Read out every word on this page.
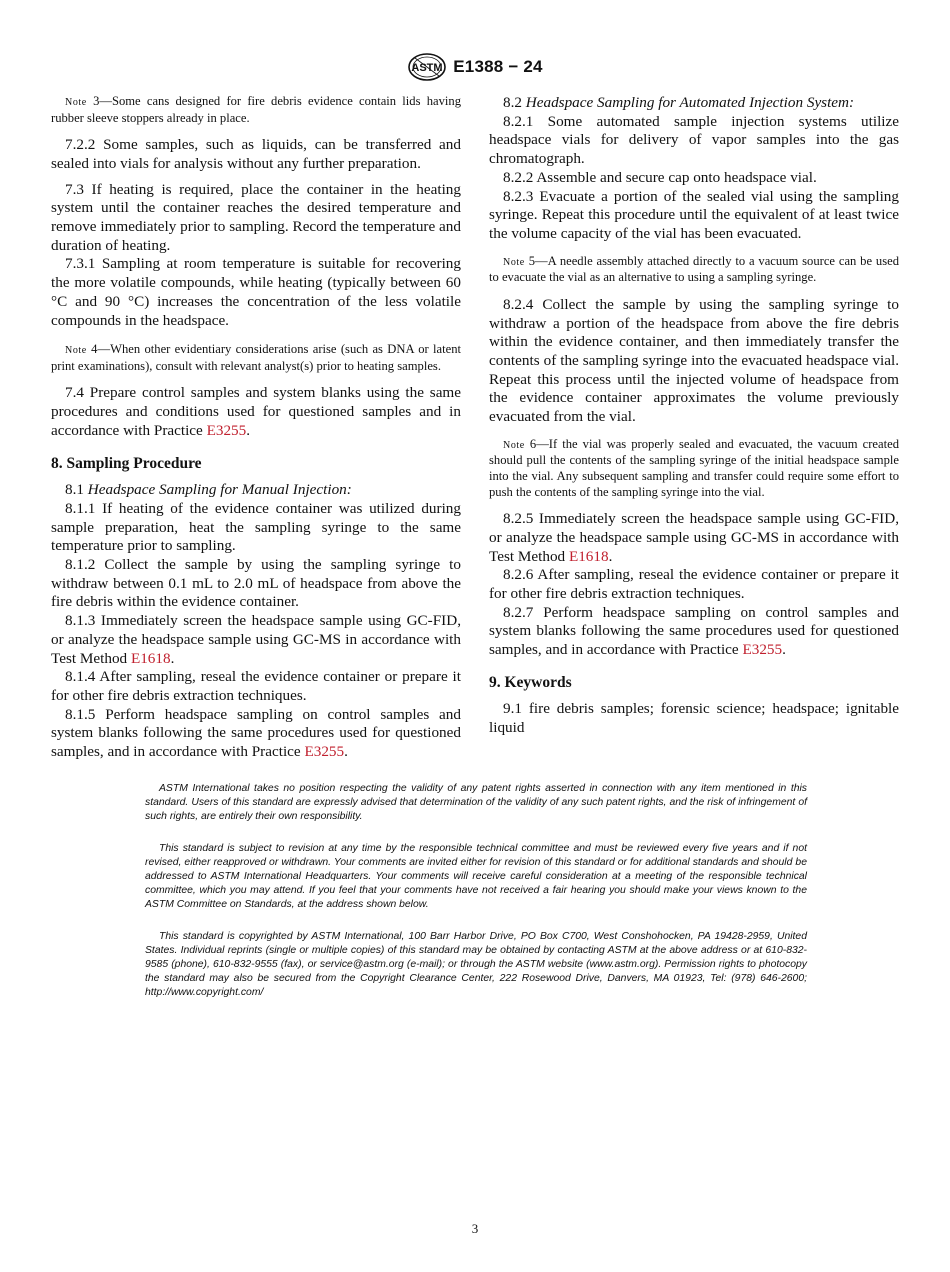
ASTM E1388 − 24
Note 3—Some cans designed for fire debris evidence contain lids having rubber sleeve stoppers already in place.

7.2.2 Some samples, such as liquids, can be transferred and sealed into vials for analysis without any further preparation.

7.3 If heating is required, place the container in the heating system until the container reaches the desired temperature and remove immediately prior to sampling. Record the temperature and duration of heating.

7.3.1 Sampling at room temperature is suitable for recovering the more volatile compounds, while heating (typically between 60 °C and 90 °C) increases the concentration of the less volatile compounds in the headspace.

Note 4—When other evidentiary considerations arise (such as DNA or latent print examinations), consult with relevant analyst(s) prior to heating samples.

7.4 Prepare control samples and system blanks using the same procedures and conditions used for questioned samples and in accordance with Practice E3255.

8. Sampling Procedure

8.1 Headspace Sampling for Manual Injection:

8.1.1 If heating of the evidence container was utilized during sample preparation, heat the sampling syringe to the same temperature prior to sampling.

8.1.2 Collect the sample by using the sampling syringe to withdraw between 0.1 mL to 2.0 mL of headspace from above the fire debris within the evidence container.

8.1.3 Immediately screen the headspace sample using GC-FID, or analyze the headspace sample using GC-MS in accordance with Test Method E1618.

8.1.4 After sampling, reseal the evidence container or prepare it for other fire debris extraction techniques.

8.1.5 Perform headspace sampling on control samples and system blanks following the same procedures used for questioned samples, and in accordance with Practice E3255.

8.2 Headspace Sampling for Automated Injection System:

8.2.1 Some automated sample injection systems utilize headspace vials for delivery of vapor samples into the gas chromatograph.

8.2.2 Assemble and secure cap onto headspace vial.

8.2.3 Evacuate a portion of the sealed vial using the sampling syringe. Repeat this procedure until the equivalent of at least twice the volume capacity of the vial has been evacuated.

Note 5—A needle assembly attached directly to a vacuum source can be used to evacuate the vial as an alternative to using a sampling syringe.

8.2.4 Collect the sample by using the sampling syringe to withdraw a portion of the headspace from above the fire debris within the evidence container, and then immediately transfer the contents of the sampling syringe into the evacuated headspace vial. Repeat this process until the injected volume of headspace from the evidence container approximates the volume previously evacuated from the vial.

Note 6—If the vial was properly sealed and evacuated, the vacuum created should pull the contents of the sampling syringe of the initial headspace sample into the vial. Any subsequent sampling and transfer could require some effort to push the contents of the sampling syringe into the vial.

8.2.5 Immediately screen the headspace sample using GC-FID, or analyze the headspace sample using GC-MS in accordance with Test Method E1618.

8.2.6 After sampling, reseal the evidence container or prepare it for other fire debris extraction techniques.

8.2.7 Perform headspace sampling on control samples and system blanks following the same procedures used for questioned samples, and in accordance with Practice E3255.

9. Keywords

9.1 fire debris samples; forensic science; headspace; ignitable liquid

ASTM International takes no position respecting the validity of any patent rights asserted in connection with any item mentioned in this standard. Users of this standard are expressly advised that determination of the validity of any such patent rights, and the risk of infringement of such rights, are entirely their own responsibility.

This standard is subject to revision at any time by the responsible technical committee and must be reviewed every five years and if not revised, either reapproved or withdrawn. Your comments are invited either for revision of this standard or for additional standards and should be addressed to ASTM International Headquarters. Your comments will receive careful consideration at a meeting of the responsible technical committee, which you may attend. If you feel that your comments have not received a fair hearing you should make your views known to the ASTM Committee on Standards, at the address shown below.

This standard is copyrighted by ASTM International, 100 Barr Harbor Drive, PO Box C700, West Conshohocken, PA 19428-2959, United States. Individual reprints (single or multiple copies) of this standard may be obtained by contacting ASTM at the above address or at 610-832-9585 (phone), 610-832-9555 (fax), or service@astm.org (e-mail); or through the ASTM website (www.astm.org). Permission rights to photocopy the standard may also be secured from the Copyright Clearance Center, 222 Rosewood Drive, Danvers, MA 01923, Tel: (978) 646-2600; http://www.copyright.com/

3
